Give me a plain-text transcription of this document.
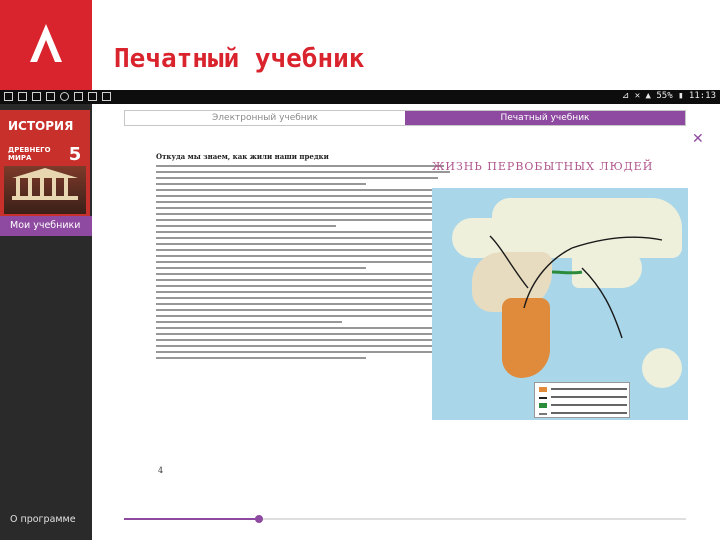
Печатный учебник
⊿ ✕ ▲ 55% ▮ 11:13
ИСТОРИЯ
ДРЕВНЕГО МИРА	5
Мои учебники
О программе
Электронный учебник	Печатный учебник
✕
Откуда мы знаем, как жили наши предки
4
ЖИЗНЬ ПЕРВОБЫТНЫХ ЛЮДЕЙ
